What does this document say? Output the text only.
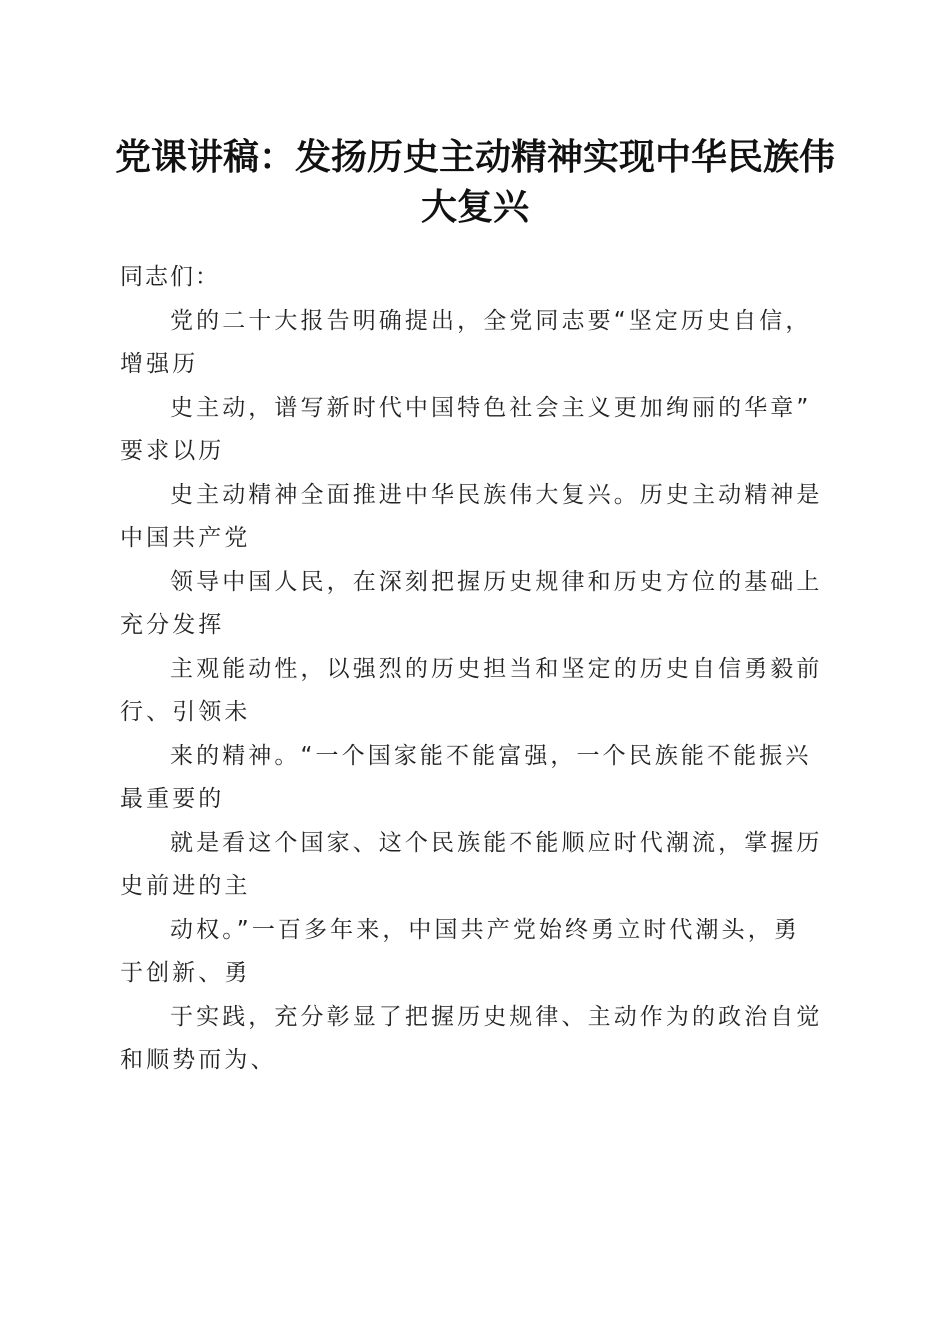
党课讲稿：发扬历史主动精神实现中华民族伟
大复兴
同志们：
党的二十大报告明确提出，全党同志要“坚定历史自信，
增强历
史主动，谱写新时代中国特色社会主义更加绚丽的华章”
要求以历
史主动精神全面推进中华民族伟大复兴。历史主动精神是
中国共产党
领导中国人民，在深刻把握历史规律和历史方位的基础上
充分发挥
主观能动性，以强烈的历史担当和坚定的历史自信勇毅前
行、引领未
来的精神。“一个国家能不能富强，一个民族能不能振兴
最重要的
就是看这个国家、这个民族能不能顺应时代潮流，掌握历
史前进的主
动权。”一百多年来，中国共产党始终勇立时代潮头，勇
于创新、勇
于实践，充分彰显了把握历史规律、主动作为的政治自觉
和顺势而为、
